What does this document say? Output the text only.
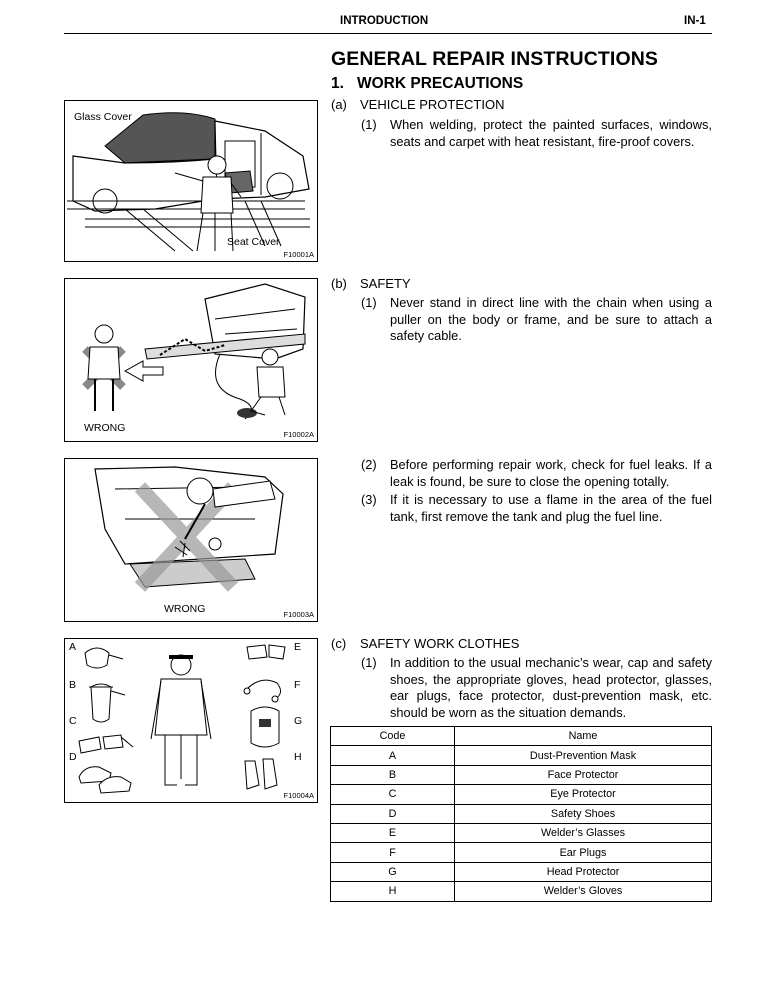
INTRODUCTION	IN-1
GENERAL REPAIR INSTRUCTIONS
1. WORK PRECAUTIONS
(a) VEHICLE PROTECTION
(1) When welding, protect the painted surfaces, windows, seats and carpet with heat resistant, fire-proof covers.
(b) SAFETY
(1) Never stand in direct line with the chain when using a puller on the body or frame, and be sure to attach a safety cable.
(2) Before performing repair work, check for fuel leaks. If a leak is found, be sure to close the opening totally.
(3) If it is necessary to use a flame in the area of the fuel tank, first remove the tank and plug the fuel line.
(c) SAFETY WORK CLOTHES
(1) In addition to the usual mechanic’s wear, cap and safety shoes, the appropriate gloves, head protector, glasses, ear plugs, face protector, dust-prevention mask, etc. should be worn as the situation demands.
Glass Cover
Seat Cover
F10001A
WRONG
F10002A
WRONG	F10003A
A
B
C
D
E
F
G
H
F10004A
Code	Name
A	Dust-Prevention Mask
B	Face Protector
C	Eye Protector
D	Safety Shoes
E	Welder’s Glasses
F	Ear Plugs
G	Head Protector
H	Welder’s Gloves
